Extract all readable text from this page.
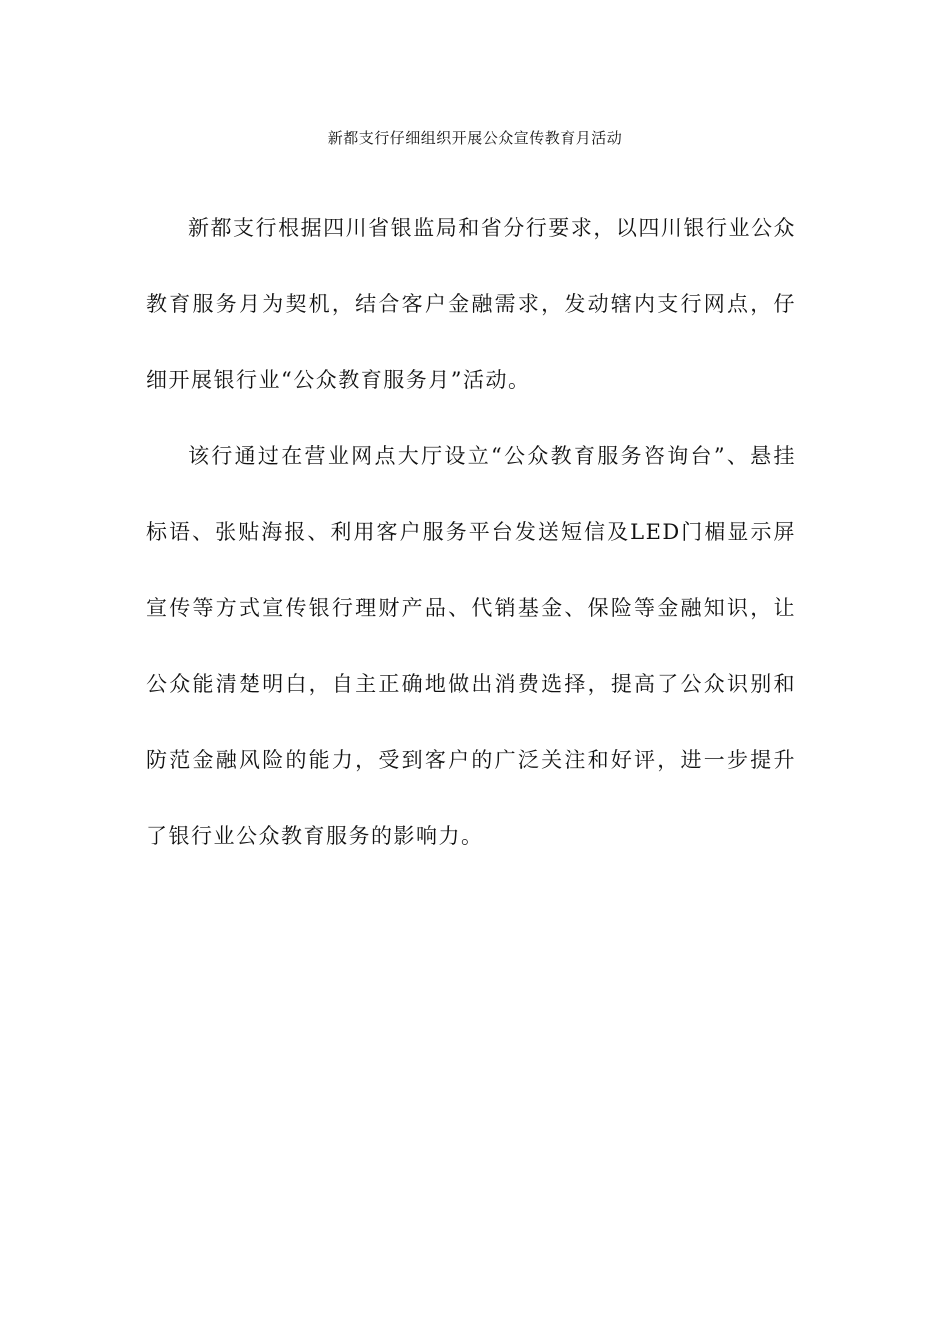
新都支行仔细组织开展公众宣传教育月活动

新都支行根据四川省银监局和省分行要求，以四川银行业公众教育服务月为契机，结合客户金融需求，发动辖内支行网点，仔细开展银行业“公众教育服务月”活动。

该行通过在营业网点大厅设立“公众教育服务咨询台”、悬挂标语、张贴海报、利用客户服务平台发送短信及LED门楣显示屏宣传等方式宣传银行理财产品、代销基金、保险等金融知识，让公众能清楚明白，自主正确地做出消费选择，提高了公众识别和防范金融风险的能力，受到客户的广泛关注和好评，进一步提升了银行业公众教育服务的影响力。
